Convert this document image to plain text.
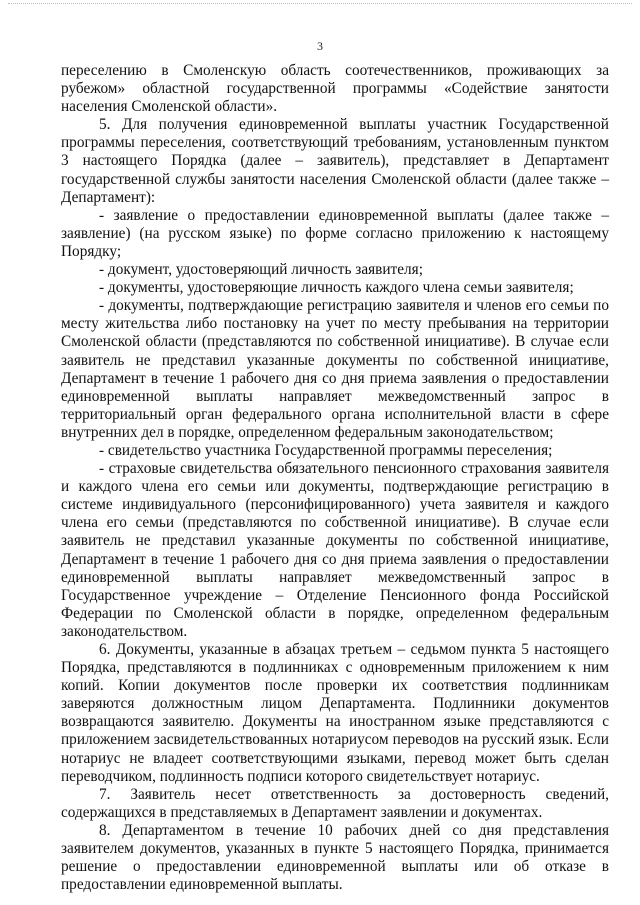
3

переселению в Смоленскую область соотечественников, проживающих за рубежом» областной государственной программы «Содействие занятости населения Смоленской области».

5. Для получения единовременной выплаты участник Государственной программы переселения, соответствующий требованиям, установленным пунктом 3 настоящего Порядка (далее – заявитель), представляет в Департамент государственной службы занятости населения Смоленской области (далее также – Департамент):

- заявление о предоставлении единовременной выплаты (далее также – заявление) (на русском языке) по форме согласно приложению к настоящему Порядку;

- документ, удостоверяющий личность заявителя;

- документы, удостоверяющие личность каждого члена семьи заявителя;

- документы, подтверждающие регистрацию заявителя и членов его семьи по месту жительства либо постановку на учет по месту пребывания на территории Смоленской области (представляются по собственной инициативе). В случае если заявитель не представил указанные документы по собственной инициативе, Департамент в течение 1 рабочего дня со дня приема заявления о предоставлении единовременной выплаты направляет межведомственный запрос в территориальный орган федерального органа исполнительной власти в сфере внутренних дел в порядке, определенном федеральным законодательством;

- свидетельство участника Государственной программы переселения;

- страховые свидетельства обязательного пенсионного страхования заявителя и каждого члена его семьи или документы, подтверждающие регистрацию в системе индивидуального (персонифицированного) учета заявителя и каждого члена его семьи (представляются по собственной инициативе). В случае если заявитель не представил указанные документы по собственной инициативе, Департамент в течение 1 рабочего дня со дня приема заявления о предоставлении единовременной выплаты направляет межведомственный запрос в Государственное учреждение – Отделение Пенсионного фонда Российской Федерации по Смоленской области в порядке, определенном федеральным законодательством.

6. Документы, указанные в абзацах третьем – седьмом пункта 5 настоящего Порядка, представляются в подлинниках с одновременным приложением к ним копий. Копии документов после проверки их соответствия подлинникам заверяются должностным лицом Департамента. Подлинники документов возвращаются заявителю. Документы на иностранном языке представляются с приложением засвидетельствованных нотариусом переводов на русский язык. Если нотариус не владеет соответствующими языками, перевод может быть сделан переводчиком, подлинность подписи которого свидетельствует нотариус.

7. Заявитель несет ответственность за достоверность сведений, содержащихся в представляемых в Департамент заявлении и документах.

8. Департаментом в течение 10 рабочих дней со дня представления заявителем документов, указанных в пункте 5 настоящего Порядка, принимается решение о предоставлении единовременной выплаты или об отказе в предоставлении единовременной выплаты.
